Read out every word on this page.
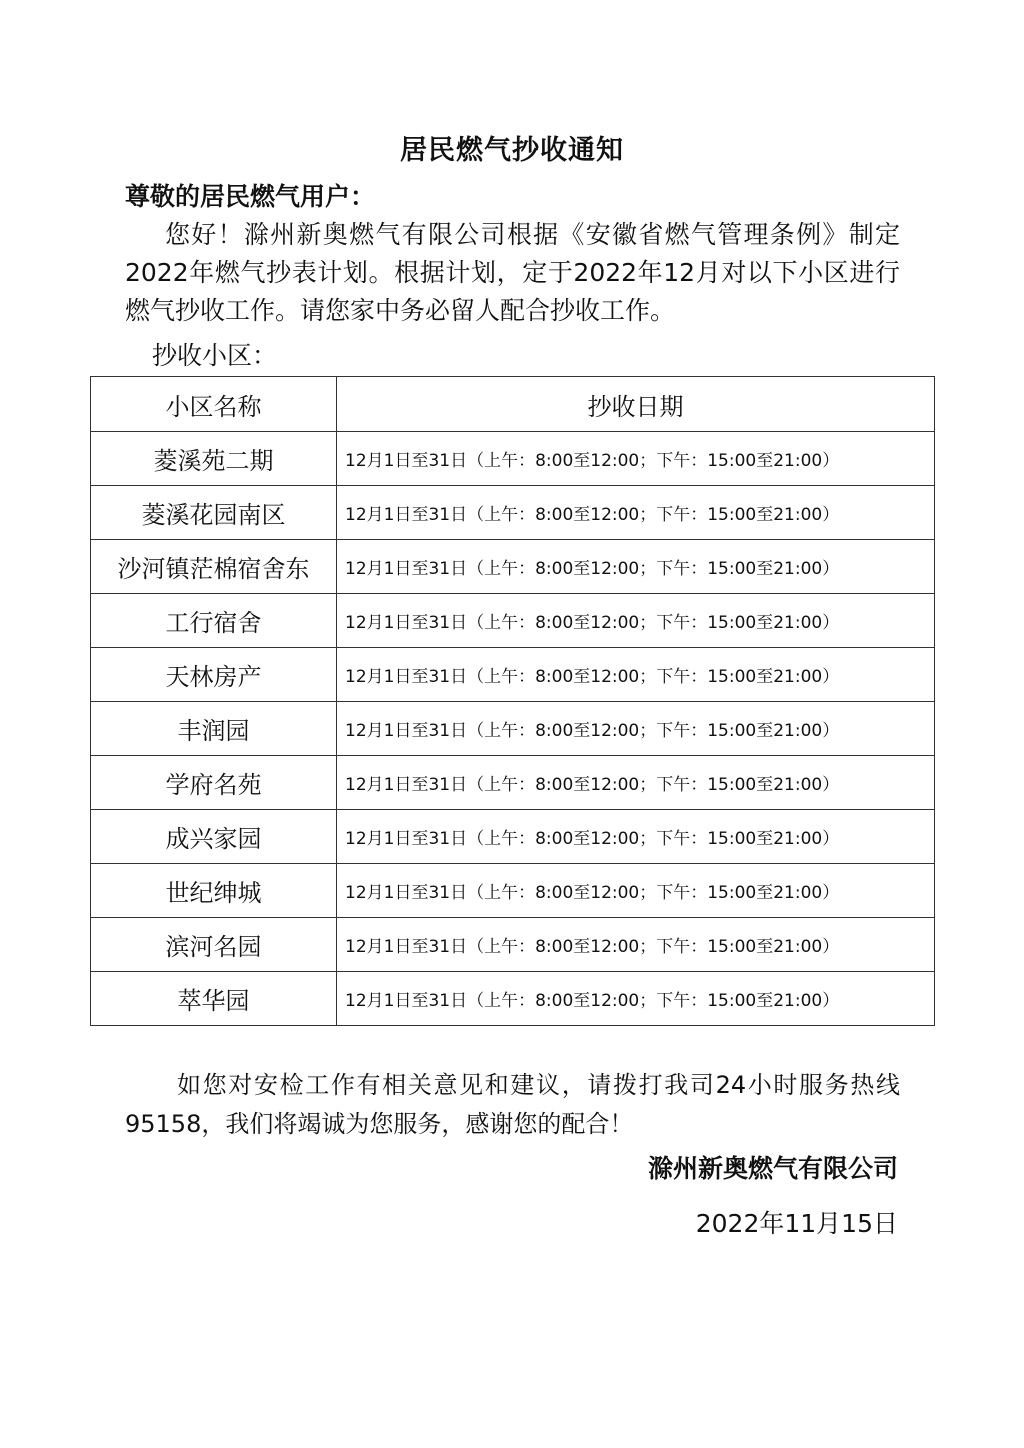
居民燃气抄收通知
尊敬的居民燃气用户：
您好！滁州新奥燃气有限公司根据《安徽省燃气管理条例》制定2022年燃气抄表计划。根据计划，定于2022年12月对以下小区进行燃气抄收工作。请您家中务必留人配合抄收工作。
抄收小区：
小区名称	抄收日期
菱溪苑二期	12月1日至31日（上午：8:00至12:00；下午：15:00至21:00）
菱溪花园南区	12月1日至31日（上午：8:00至12:00；下午：15:00至21:00）
沙河镇茫棉宿舍东	12月1日至31日（上午：8:00至12:00；下午：15:00至21:00）
工行宿舍	12月1日至31日（上午：8:00至12:00；下午：15:00至21:00）
天林房产	12月1日至31日（上午：8:00至12:00；下午：15:00至21:00）
丰润园	12月1日至31日（上午：8:00至12:00；下午：15:00至21:00）
学府名苑	12月1日至31日（上午：8:00至12:00；下午：15:00至21:00）
成兴家园	12月1日至31日（上午：8:00至12:00；下午：15:00至21:00）
世纪绅城	12月1日至31日（上午：8:00至12:00；下午：15:00至21:00）
滨河名园	12月1日至31日（上午：8:00至12:00；下午：15:00至21:00）
萃华园	12月1日至31日（上午：8:00至12:00；下午：15:00至21:00）
如您对安检工作有相关意见和建议，请拨打我司24小时服务热线95158，我们将竭诚为您服务，感谢您的配合！
滁州新奥燃气有限公司
2022年11月15日
